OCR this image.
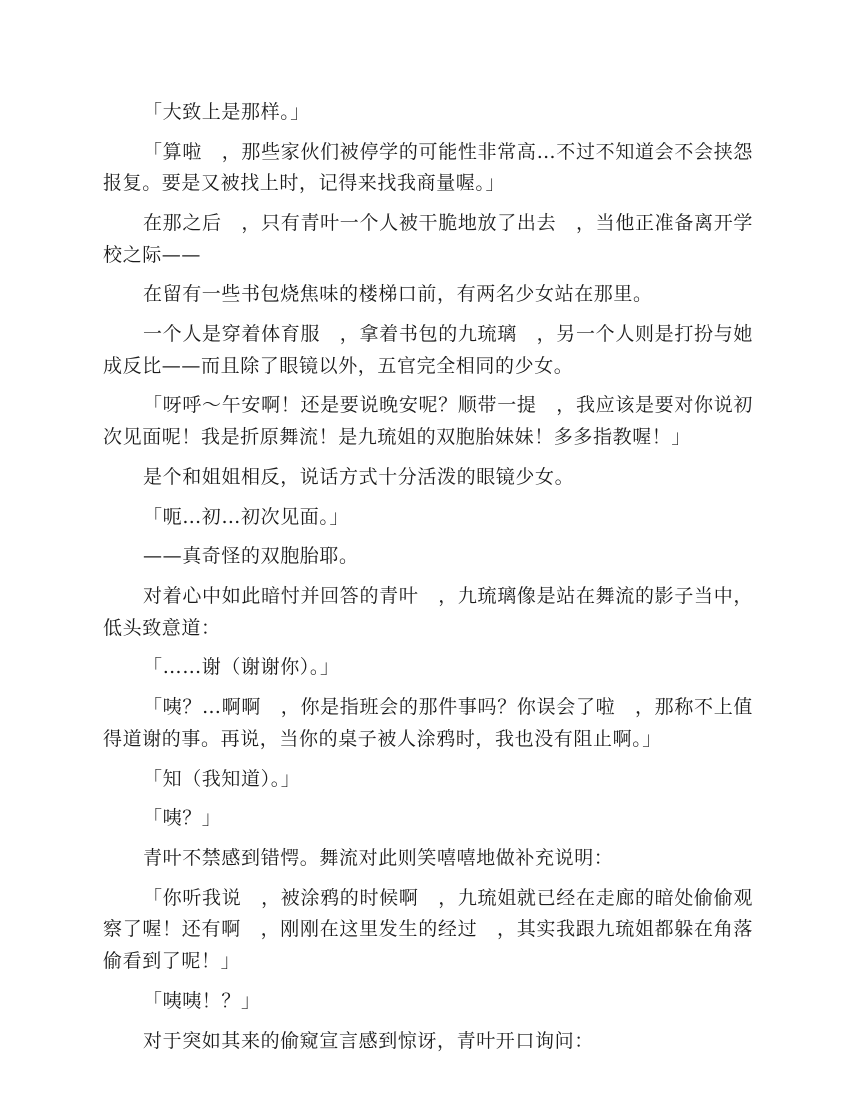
「大致上是那样。」

「算啦　，那些家伙们被停学的可能性非常高…不过不知道会不会挟怨报复。要是又被找上时，记得来找我商量喔。」

在那之后　，只有青叶一个人被干脆地放了出去　，当他正准备离开学校之际——

在留有一些书包烧焦味的楼梯口前，有两名少女站在那里。

一个人是穿着体育服　，拿着书包的九琉璃　，另一个人则是打扮与她成反比——而且除了眼镜以外，五官完全相同的少女。

「呀呼～午安啊！还是要说晚安呢？顺带一提　，我应该是要对你说初次见面呢！我是折原舞流！是九琉姐的双胞胎妹妹！多多指教喔！」

是个和姐姐相反，说话方式十分活泼的眼镜少女。

「呃…初…初次见面。」

——真奇怪的双胞胎耶。

对着心中如此暗忖并回答的青叶　，九琉璃像是站在舞流的影子当中，低头致意道：

「……谢（谢谢你）。」

「咦？…啊啊　，你是指班会的那件事吗？你误会了啦　，那称不上值得道谢的事。再说，当你的桌子被人涂鸦时，我也没有阻止啊。」

「知（我知道）。」

「咦？」

青叶不禁感到错愕。舞流对此则笑嘻嘻地做补充说明：

「你听我说　，被涂鸦的时候啊　，九琉姐就已经在走廊的暗处偷偷观察了喔！还有啊　，刚刚在这里发生的经过　，其实我跟九琉姐都躲在角落偷看到了呢！」

「咦咦！？」

对于突如其来的偷窥宣言感到惊讶，青叶开口询问：
